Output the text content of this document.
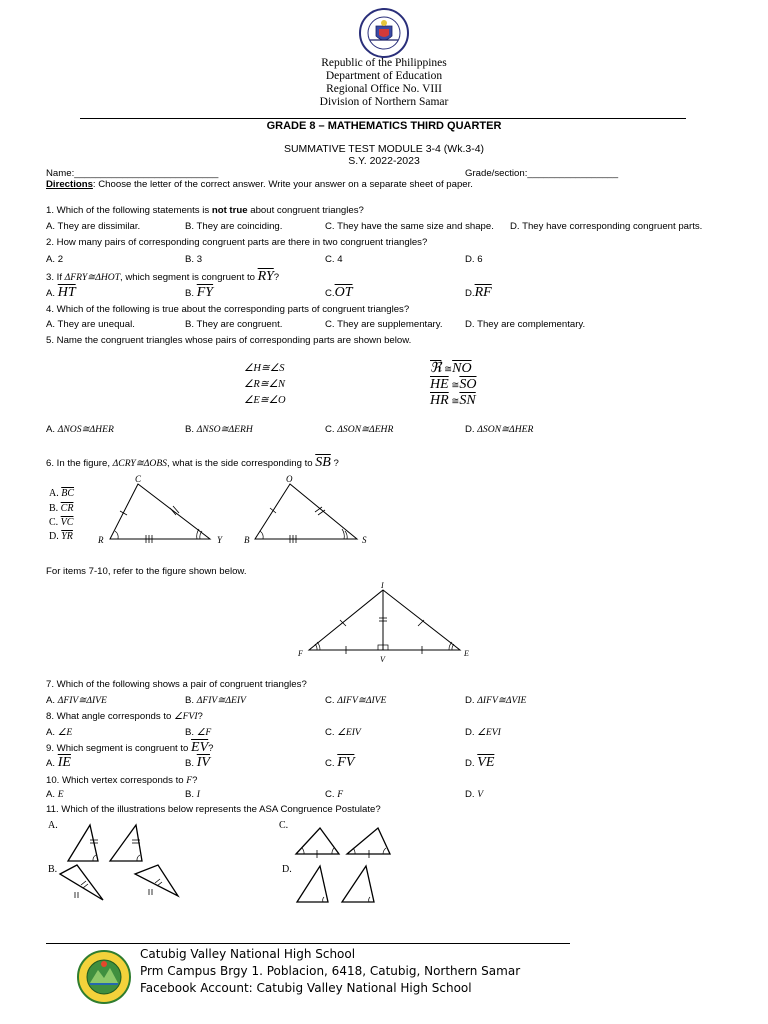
Republic of the Philippines
Department of Education
Regional Office No. VIII
Division of Northern Samar
GRADE 8 – MATHEMATICS THIRD QUARTER
SUMMATIVE TEST MODULE 3-4 (Wk.3-4)
S.Y. 2022-2023
Name:___________________________	Grade/section:_________________
Directions: Choose the letter of the correct answer. Write your answer on a separate sheet of paper.
1. Which of the following statements is not true about congruent triangles?
A. They are dissimilar.	B. They are coinciding.	C. They have the same size and shape. D. They have corresponding congruent parts.
2. How many pairs of corresponding congruent parts are there in two congruent triangles?
A. 2	B. 3	C. 4	D. 6
3. If ΔFRY≅ΔHOT, which segment is congruent to $\overline{RY}$?
A. $\overline{HT}$	B. $\overline{FY}$	$C.\overline{OT}$	$D.\overline{RF}$
4. Which of the following is true about the corresponding parts of congruent triangles?
A. They are unequal.	B. They are congruent.	C. They are supplementary. D. They are complementary.
5. Name the congruent triangles whose pairs of corresponding parts are shown below.
∠H≅∠S
∠R≅∠N
∠E≅∠O
ℜ $≅\overline{NO}$
$\overline{HE}$ $≅\overline{SO}$
$\overline{HR}$ $≅\overline{SN}$
A. ΔNOS≅ΔHER	B. ΔNSO≅ΔERH	C. ΔSON≅ΔEHR	D. ΔSON≅ΔHER
6. In the figure, ΔCRY≅ΔOBS, what is the side corresponding to $\overline{SB}$ ?
A. $\overline{BC}$
B. $\overline{CR}$
C. $\overline{VC}$
D. $\overline{YR}$
C
R	Y
O
B	S
For items 7-10, refer to the figure shown below.
I
F
V
E
7. Which of the following shows a pair of congruent triangles?
A. ΔFIV≅ΔIVE	B. ΔFIV≅ΔEIV	C. ΔIFV≅ΔIVE	D. ΔIFV≅ΔVIE
8. What angle corresponds to ∠FVI?
A. ∠E	B. ∠F	C. ∠EIV	D. ∠EVI
9. Which segment is congruent to $\overline{EV}$?
A. $\overline{IE}$	B. $\overline{IV}$	C. $\overline{FV}$	D. $\overline{VE}$
10. Which vertex corresponds to F?
A. E	B. I	C. F	D. V
11. Which of the illustrations below represents the ASA Congruence Postulate?
A.
B.
C.
D.
Catubig Valley National High School
Prm Campus Brgy 1. Poblacion, 6418, Catubig, Northern Samar
Facebook Account: Catubig Valley National High School
